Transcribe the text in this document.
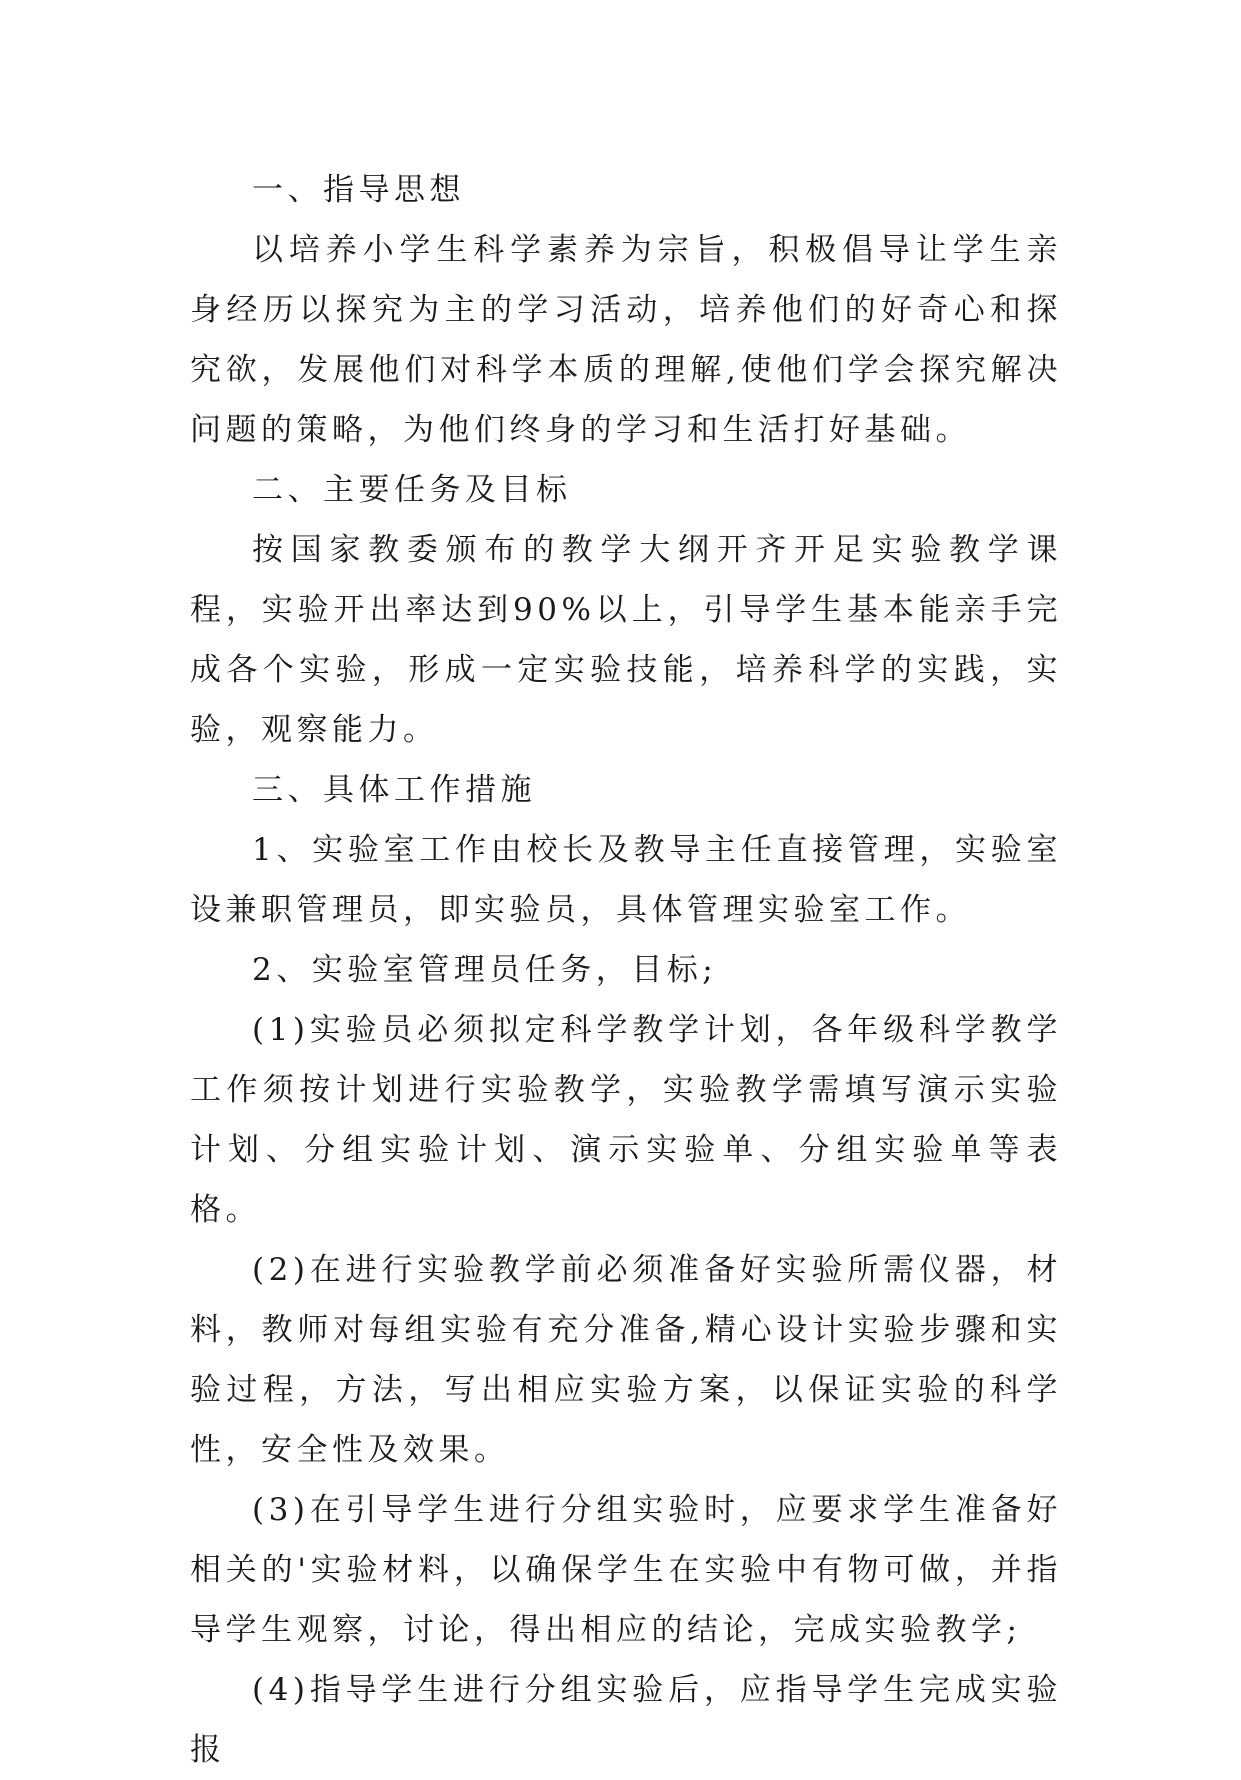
一、指导思想

以培养小学生科学素养为宗旨，积极倡导让学生亲身经历以探究为主的学习活动，培养他们的好奇心和探究欲，发展他们对科学本质的理解,使他们学会探究解决问题的策略，为他们终身的学习和生活打好基础。

二、主要任务及目标

按国家教委颁布的教学大纲开齐开足实验教学课程，实验开出率达到90%以上，引导学生基本能亲手完成各个实验，形成一定实验技能，培养科学的实践，实验，观察能力。

三、具体工作措施

1、实验室工作由校长及教导主任直接管理，实验室设兼职管理员，即实验员，具体管理实验室工作。

2、实验室管理员任务，目标;

(1)实验员必须拟定科学教学计划，各年级科学教学工作须按计划进行实验教学，实验教学需填写演示实验计划、分组实验计划、演示实验单、分组实验单等表格。

(2)在进行实验教学前必须准备好实验所需仪器，材料，教师对每组实验有充分准备,精心设计实验步骤和实验过程，方法，写出相应实验方案，以保证实验的科学性，安全性及效果。

(3)在引导学生进行分组实验时，应要求学生准备好相关的'实验材料，以确保学生在实验中有物可做，并指导学生观察，讨论，得出相应的结论，完成实验教学;

(4)指导学生进行分组实验后，应指导学生完成实验报
